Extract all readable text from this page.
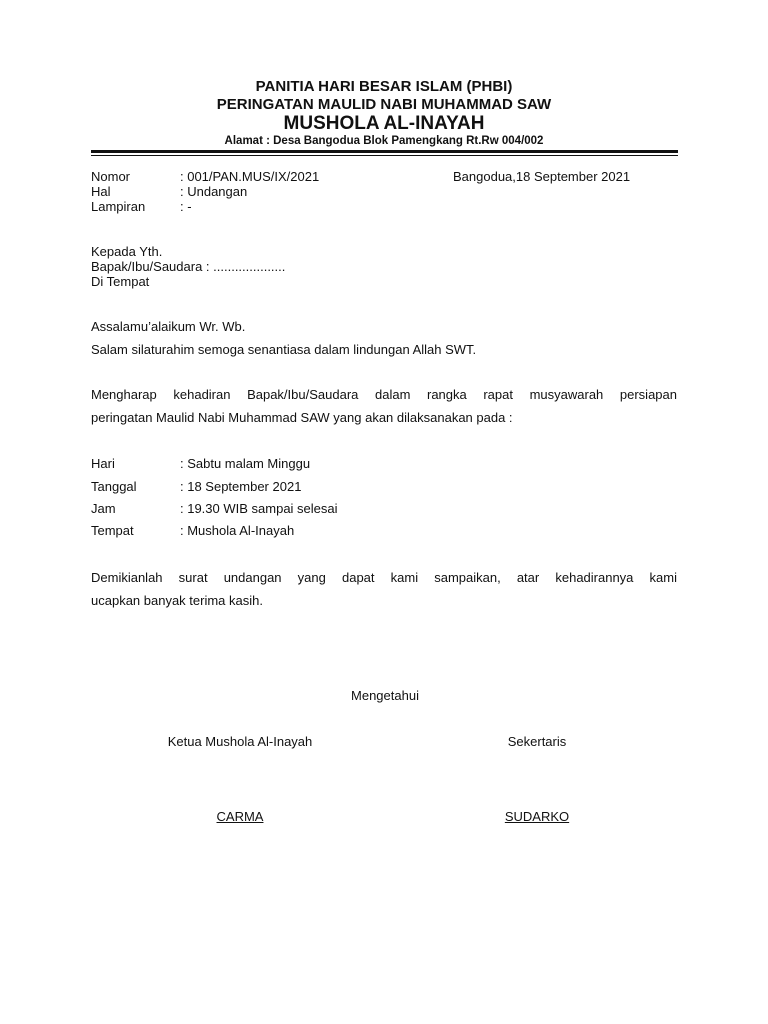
PANITIA HARI BESAR ISLAM (PHBI)
PERINGATAN MAULID NABI MUHAMMAD SAW
MUSHOLA AL-INAYAH
Alamat : Desa Bangodua Blok Pamengkang Rt.Rw 004/002
Nomor	: 001/PAN.MUS/IX/2021	Bangodua,18 September 2021
Hal	: Undangan
Lampiran	: -
Kepada Yth.
Bapak/Ibu/Saudara : ....................
Di Tempat
Assalamu’alaikum Wr. Wb.
Salam silaturahim semoga senantiasa dalam lindungan Allah SWT.
Mengharap kehadiran Bapak/Ibu/Saudara dalam rangka rapat musyawarah persiapan
peringatan Maulid Nabi Muhammad SAW yang akan dilaksanakan pada :
Hari	: Sabtu malam Minggu
Tanggal	: 18 September 2021
Jam	: 19.30 WIB sampai selesai
Tempat	: Mushola Al-Inayah
Demikianlah surat undangan yang dapat kami sampaikan, atar kehadirannya kami
ucapkan banyak terima kasih.
Mengetahui
Ketua Mushola Al-Inayah	Sekertaris
CARMA	SUDARKO
